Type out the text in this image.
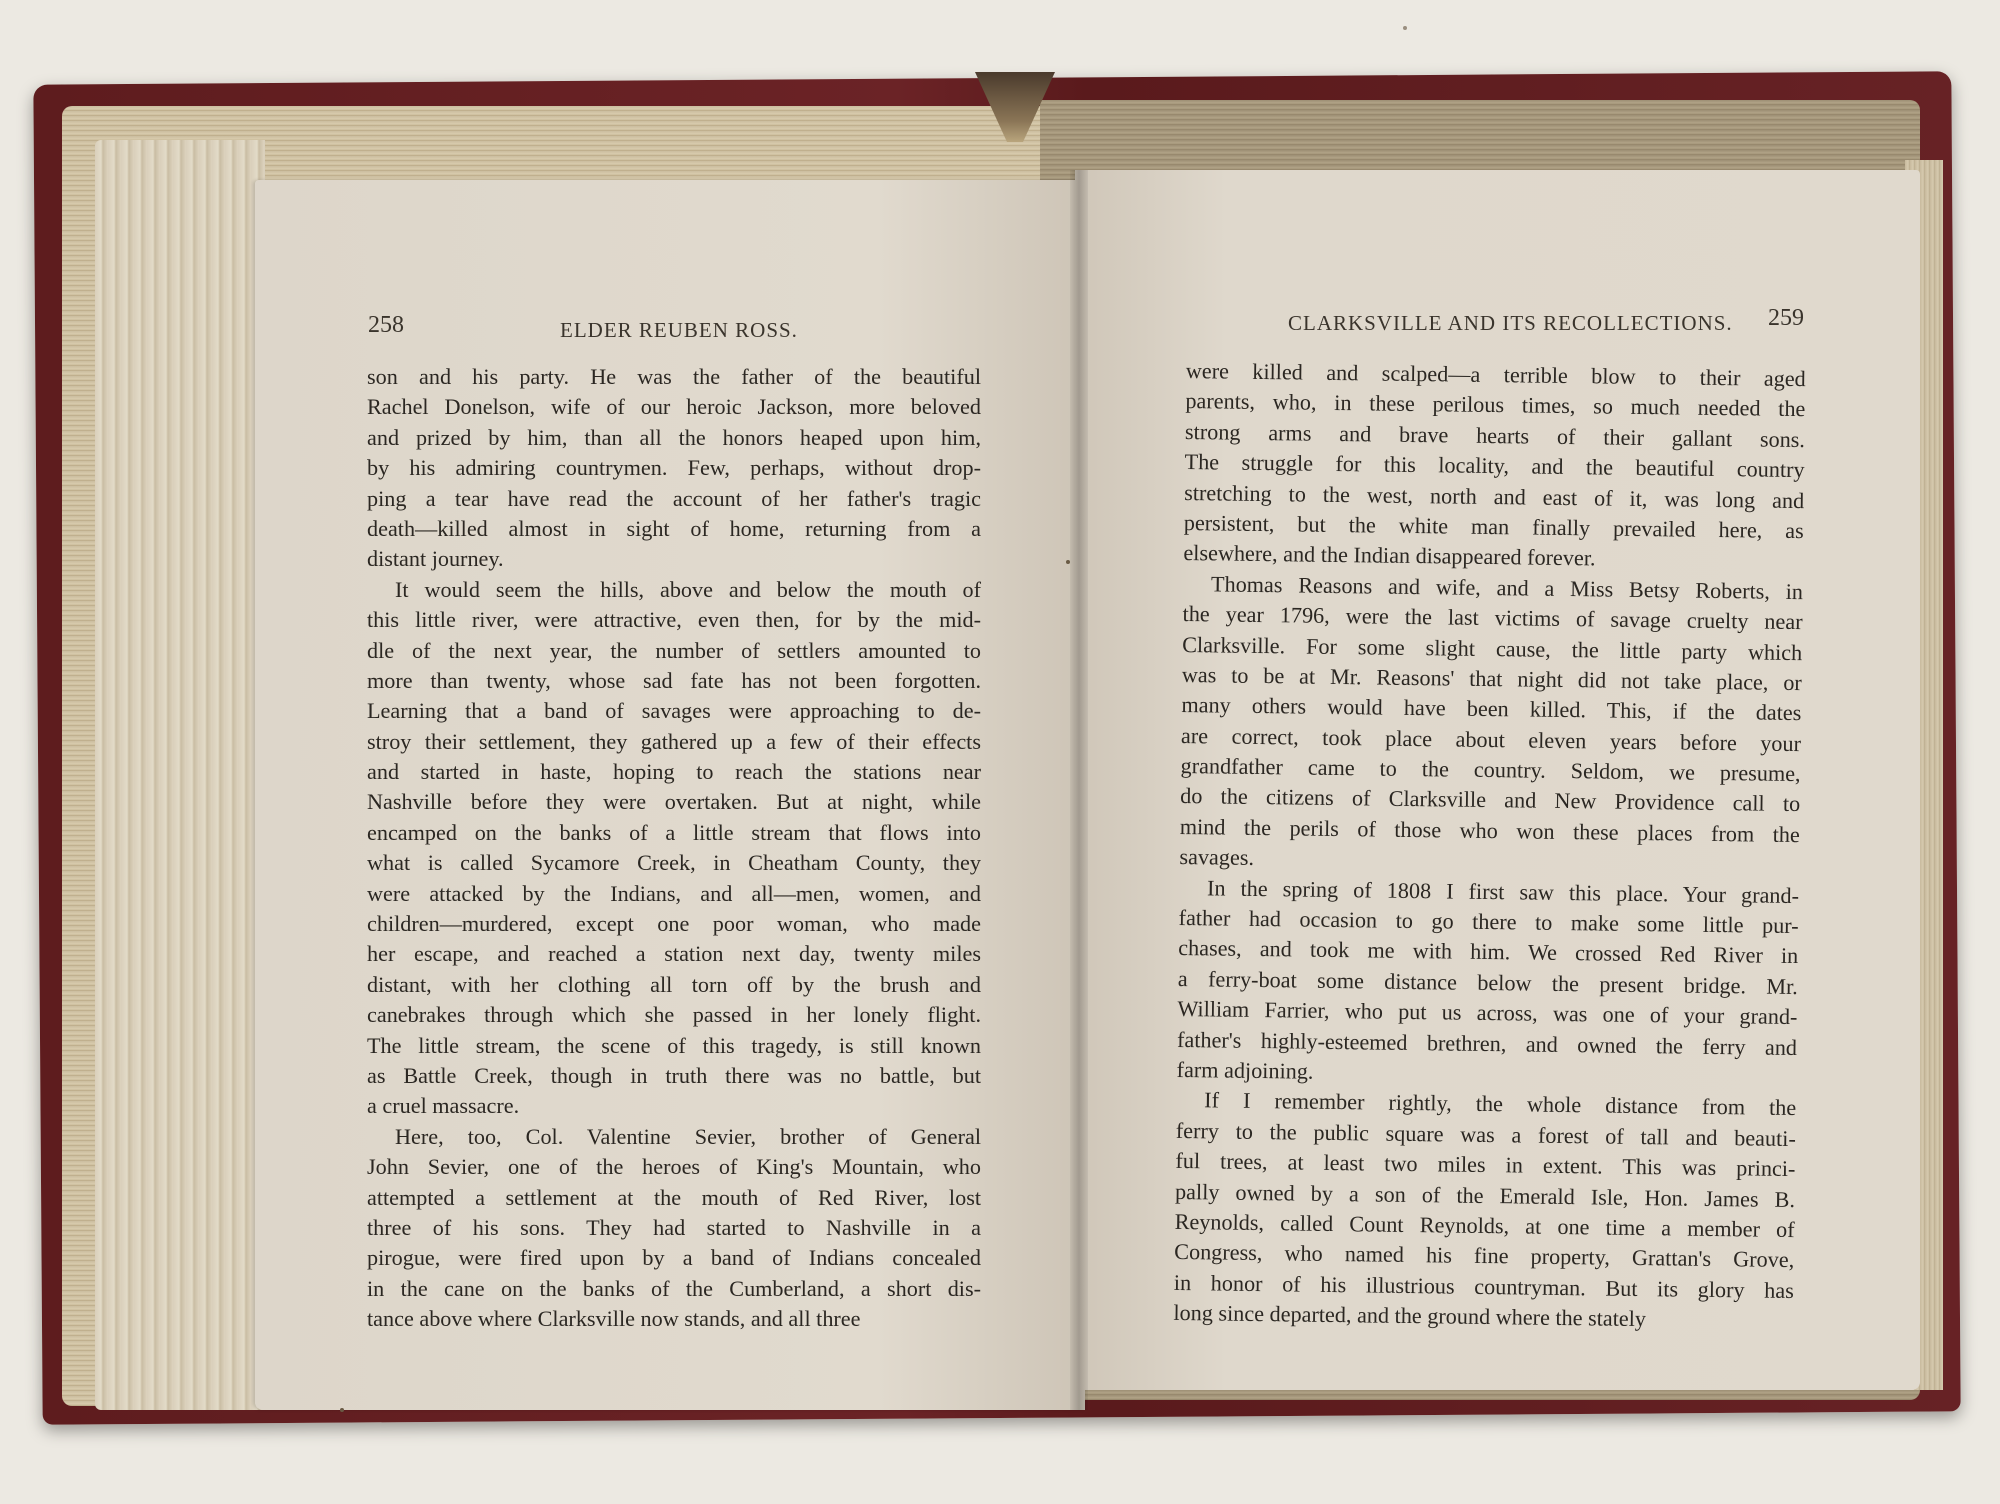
258	ELDER REUBEN ROSS.	CLARKSVILLE AND ITS RECOLLECTIONS. 259
son and his party. He was the father of the beautiful
Rachel Donelson, wife of our heroic Jackson, more beloved
and prized by him, than all the honors heaped upon him,
by his admiring countrymen. Few, perhaps, without drop-
ping a tear have read the account of her father's tragic
death—killed almost in sight of home, returning from a
distant journey.
It would seem the hills, above and below the mouth of
this little river, were attractive, even then, for by the mid-
dle of the next year, the number of settlers amounted to
more than twenty, whose sad fate has not been forgotten.
Learning that a band of savages were approaching to de-
stroy their settlement, they gathered up a few of their effects
and started in haste, hoping to reach the stations near
Nashville before they were overtaken. But at night, while
encamped on the banks of a little stream that flows into
what is called Sycamore Creek, in Cheatham County, they
were attacked by the Indians, and all—men, women, and
children—murdered, except one poor woman, who made
her escape, and reached a station next day, twenty miles
distant, with her clothing all torn off by the brush and
canebrakes through which she passed in her lonely flight.
The little stream, the scene of this tragedy, is still known
as Battle Creek, though in truth there was no battle, but
a cruel massacre.
Here, too, Col. Valentine Sevier, brother of General
John Sevier, one of the heroes of King's Mountain, who
attempted a settlement at the mouth of Red River, lost
three of his sons. They had started to Nashville in a
pirogue, were fired upon by a band of Indians concealed
in the cane on the banks of the Cumberland, a short dis-
tance above where Clarksville now stands, and all three
were killed and scalped—a terrible blow to their aged
parents, who, in these perilous times, so much needed the
strong arms and brave hearts of their gallant sons.
The struggle for this locality, and the beautiful country
stretching to the west, north and east of it, was long and
persistent, but the white man finally prevailed here, as
elsewhere, and the Indian disappeared forever.
Thomas Reasons and wife, and a Miss Betsy Roberts, in
the year 1796, were the last victims of savage cruelty near
Clarksville. For some slight cause, the little party which
was to be at Mr. Reasons' that night did not take place, or
many others would have been killed. This, if the dates
are correct, took place about eleven years before your
grandfather came to the country. Seldom, we presume,
do the citizens of Clarksville and New Providence call to
mind the perils of those who won these places from the
savages.
In the spring of 1808 I first saw this place. Your grand-
father had occasion to go there to make some little pur-
chases, and took me with him. We crossed Red River in
a ferry-boat some distance below the present bridge. Mr.
William Farrier, who put us across, was one of your grand-
father's highly-esteemed brethren, and owned the ferry and
farm adjoining.
If I remember rightly, the whole distance from the
ferry to the public square was a forest of tall and beauti-
ful trees, at least two miles in extent. This was princi-
pally owned by a son of the Emerald Isle, Hon. James B.
Reynolds, called Count Reynolds, at one time a member of
Congress, who named his fine property, Grattan's Grove,
in honor of his illustrious countryman. But its glory has
long since departed, and the ground where the stately
